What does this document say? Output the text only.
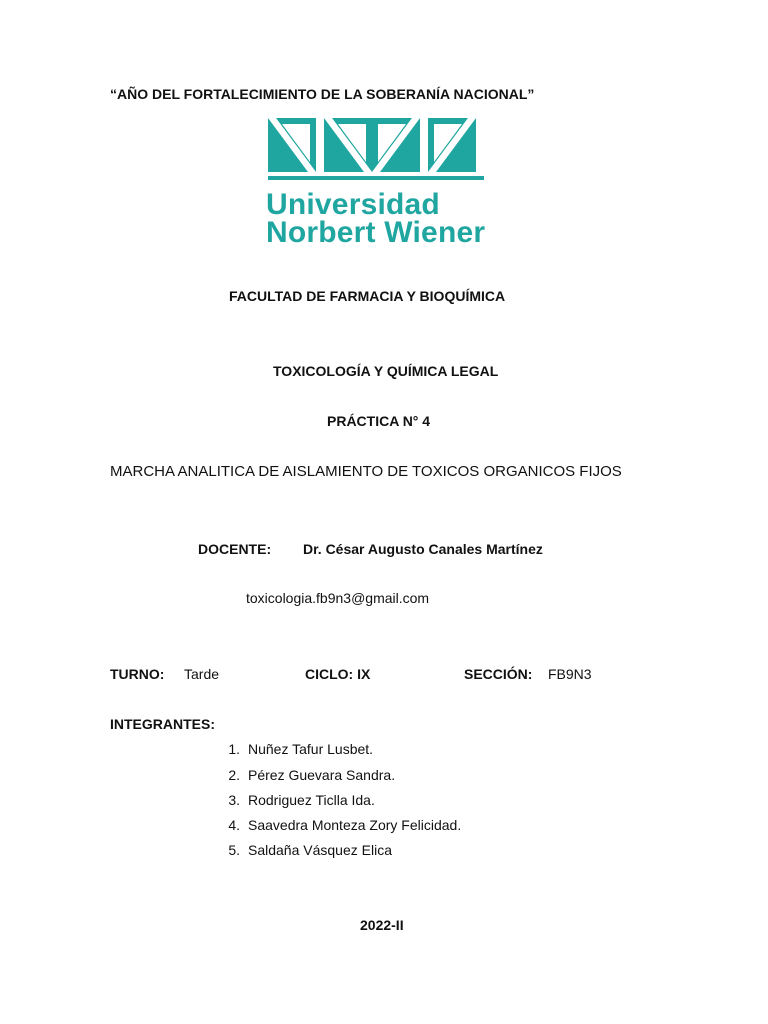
“AÑO DEL FORTALECIMIENTO DE LA SOBERANÍA NACIONAL”
Universidad
Norbert Wiener
FACULTAD DE FARMACIA Y BIOQUÍMICA
TOXICOLOGÍA Y QUÍMICA LEGAL
PRÁCTICA N° 4
MARCHA ANALITICA DE AISLAMIENTO DE TOXICOS ORGANICOS FIJOS
DOCENTE: Dr. César Augusto Canales Martínez
toxicologia.fb9n3@gmail.com
TURNO: Tarde	CICLO: IX	SECCIÓN: FB9N3
INTEGRANTES:
1. Nuñez Tafur Lusbet.
2. Pérez Guevara Sandra.
3. Rodriguez Ticlla Ida.
4. Saavedra Monteza Zory Felicidad.
5. Saldaña Vásquez Elica
2022-II
